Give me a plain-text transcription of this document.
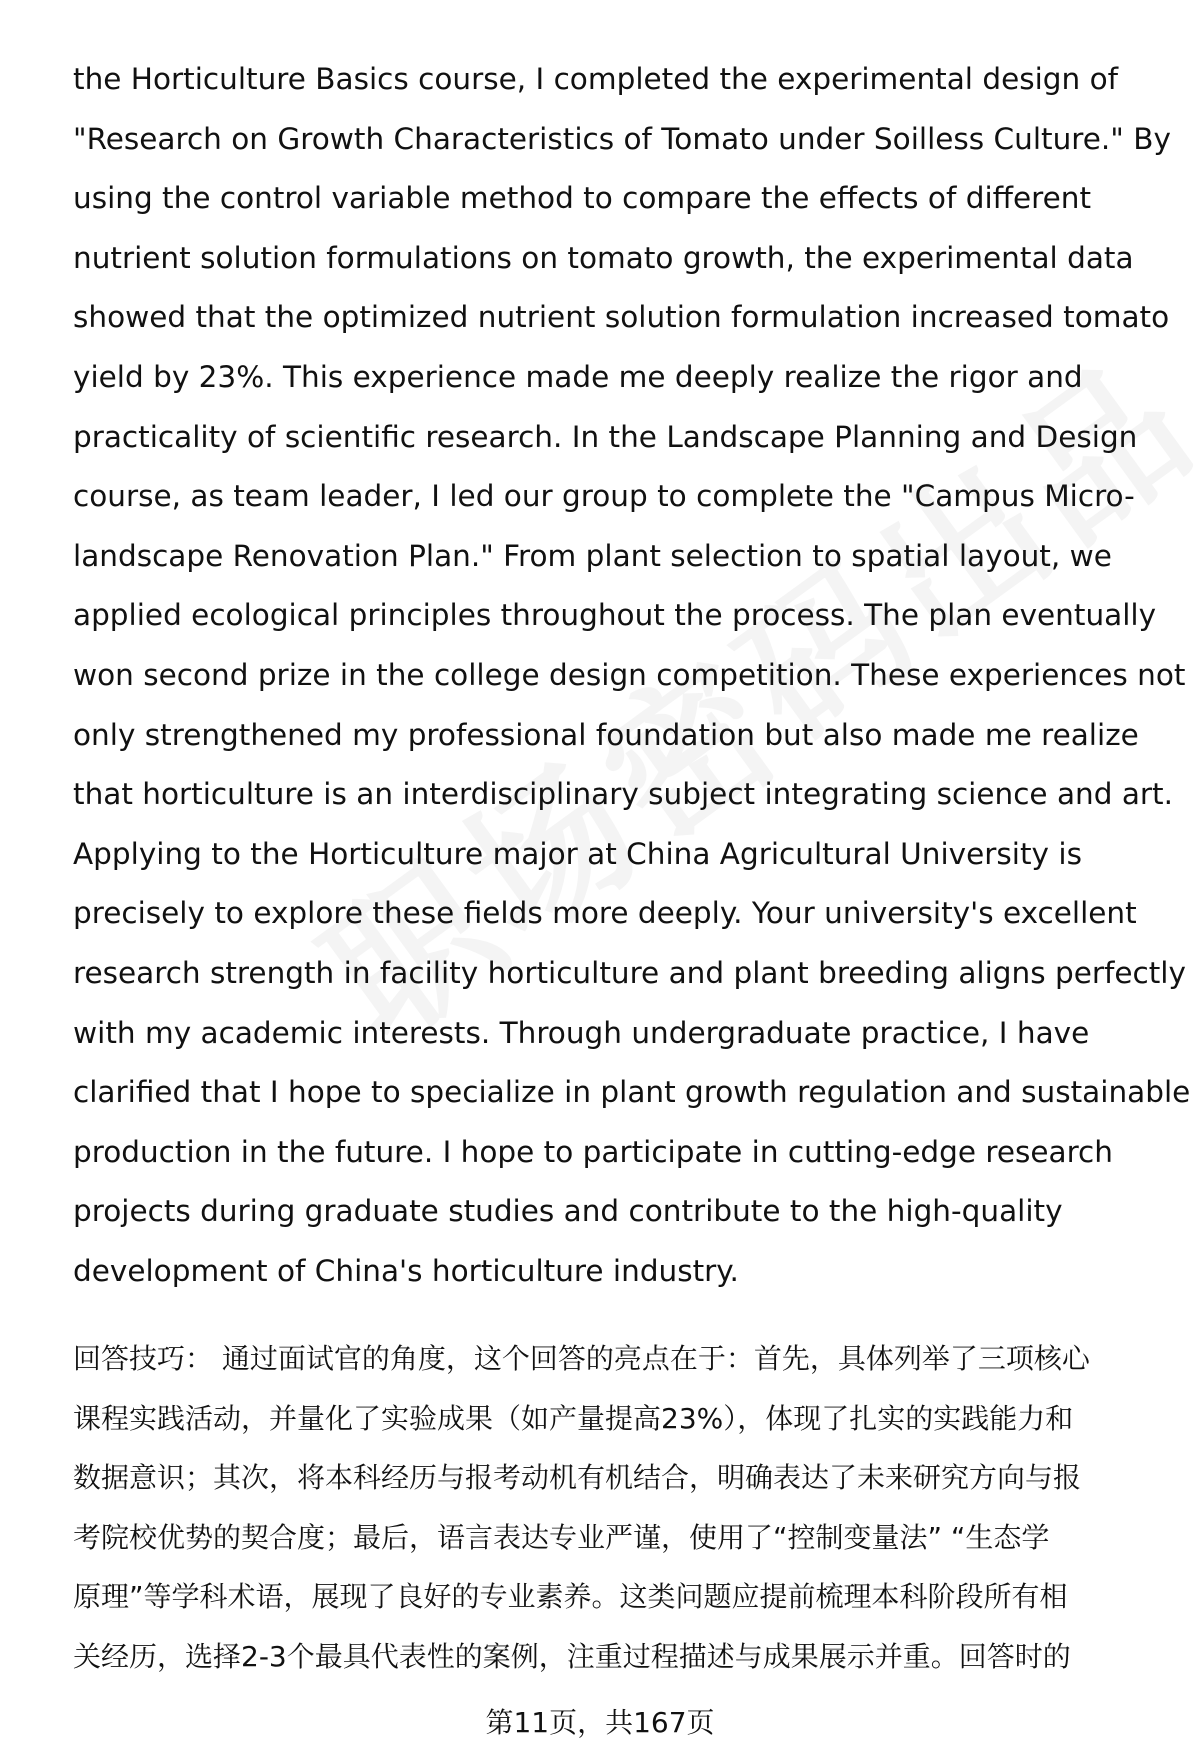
the Horticulture Basics course, I completed the experimental design of
"Research on Growth Characteristics of Tomato under Soilless Culture." By
using the control variable method to compare the effects of different
nutrient solution formulations on tomato growth, the experimental data
showed that the optimized nutrient solution formulation increased tomato
yield by 23%. This experience made me deeply realize the rigor and
practicality of scientific research. In the Landscape Planning and Design
course, as team leader, I led our group to complete the "Campus Micro-
landscape Renovation Plan." From plant selection to spatial layout, we
applied ecological principles throughout the process. The plan eventually
won second prize in the college design competition. These experiences not
only strengthened my professional foundation but also made me realize
that horticulture is an interdisciplinary subject integrating science and art.
Applying to the Horticulture major at China Agricultural University is
precisely to explore these fields more deeply. Your university's excellent
research strength in facility horticulture and plant breeding aligns perfectly
with my academic interests. Through undergraduate practice, I have
clarified that I hope to specialize in plant growth regulation and sustainable
production in the future. I hope to participate in cutting-edge research
projects during graduate studies and contribute to the high-quality
development of China's horticulture industry.
回答技巧： 通过面试官的角度，这个回答的亮点在于：首先，具体列举了三项核心
课程实践活动，并量化了实验成果（如产量提高23%），体现了扎实的实践能力和
数据意识；其次，将本科经历与报考动机有机结合，明确表达了未来研究方向与报
考院校优势的契合度；最后，语言表达专业严谨，使用了“控制变量法” “生态学
原理”等学科术语，展现了良好的专业素养。这类问题应提前梳理本科阶段所有相
关经历，选择2-3个最具代表性的案例，注重过程描述与成果展示并重。回答时的
第11页，共167页
